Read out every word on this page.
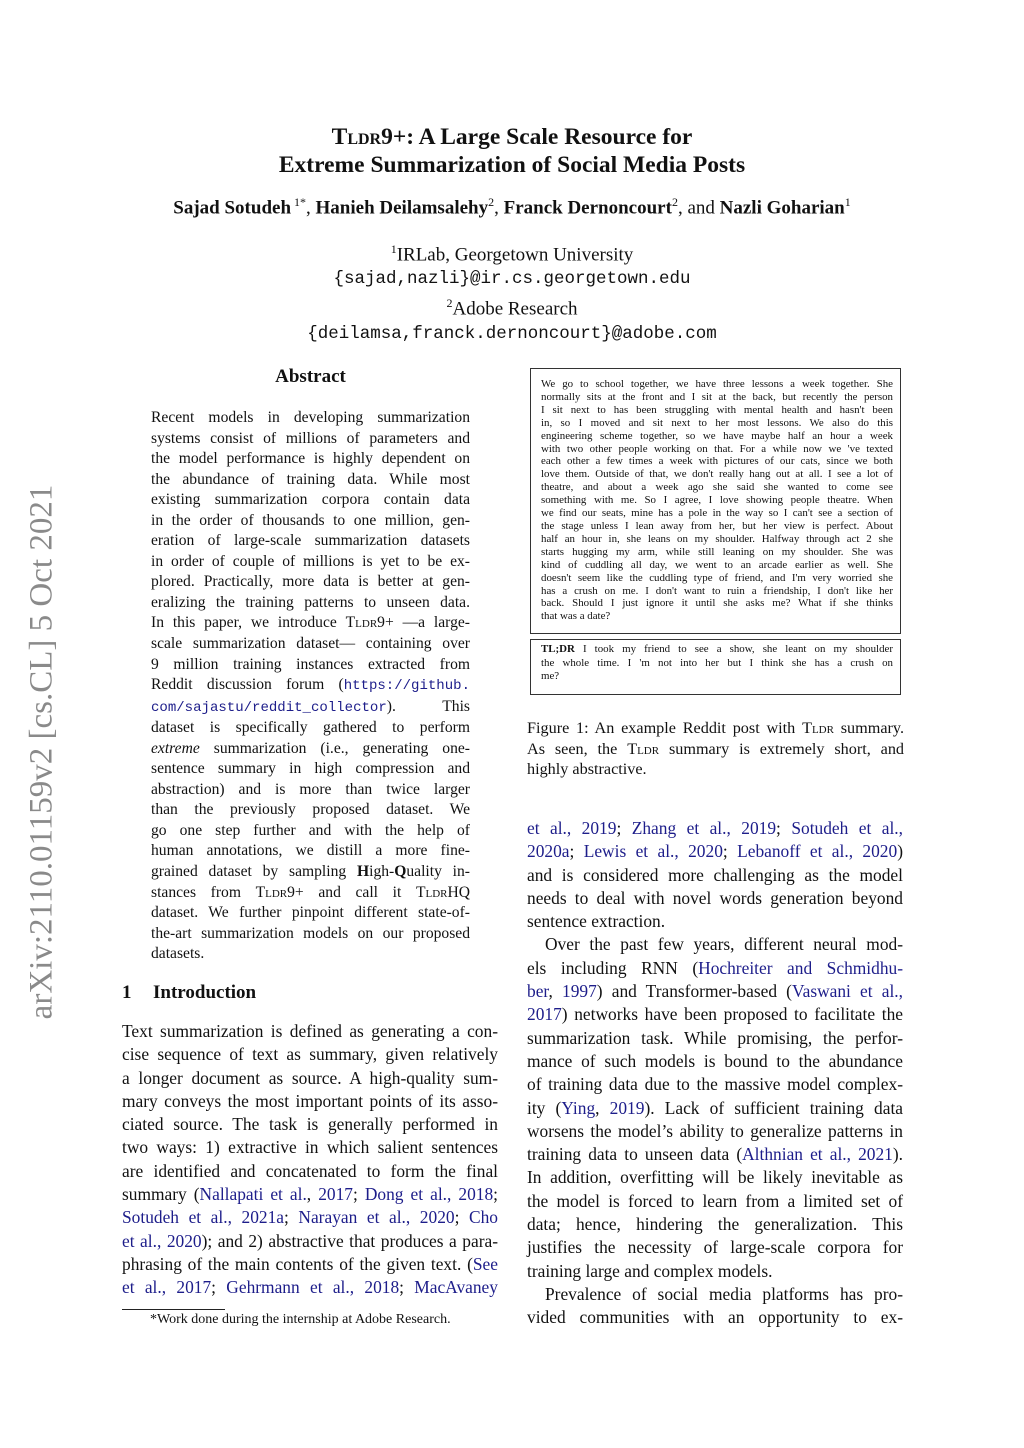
arXiv:2110.01159v2 [cs.CL] 5 Oct 2021
Tldr9+: A Large Scale Resource for
Extreme Summarization of Social Media Posts
Sajad Sotudeh $^{1*}$, Hanieh Deilamsalehy$^2$, Franck Dernoncourt$^2$, and Nazli Goharian$^1$
$^1$IRLab, Georgetown University
{sajad,nazli}@ir.cs.georgetown.edu
$^2$Adobe Research
{deilamsa,franck.dernoncourt}@adobe.com
Abstract
Recent models in developing summarization
systems consist of millions of parameters and
the model performance is highly dependent on
the abundance of training data. While most
existing summarization corpora contain data
in the order of thousands to one million, gen-
eration of large-scale summarization datasets
in order of couple of millions is yet to be ex-
plored. Practically, more data is better at gen-
eralizing the training patterns to unseen data.
In this paper, we introduce Tldr9+ —a large-
scale summarization dataset— containing over
9 million training instances extracted from
Reddit discussion forum (https://github.
com/sajastu/reddit_collector). This
dataset is specifically gathered to perform
extreme summarization (i.e., generating one-
sentence summary in high compression and
abstraction) and is more than twice larger
than the previously proposed dataset. We
go one step further and with the help of
human annotations, we distill a more fine-
grained dataset by sampling High-Quality in-
stances from Tldr9+ and call it TldrHQ
dataset. We further pinpoint different state-of-
the-art summarization models on our proposed
datasets.
1 Introduction
Text summarization is defined as generating a con-
cise sequence of text as summary, given relatively
a longer document as source. A high-quality sum-
mary conveys the most important points of its asso-
ciated source. The task is generally performed in
two ways: 1) extractive in which salient sentences
are identified and concatenated to form the final
summary (Nallapati et al., 2017; Dong et al., 2018;
Sotudeh et al., 2021a; Narayan et al., 2020; Cho
et al., 2020); and 2) abstractive that produces a para-
phrasing of the main contents of the given text. (See
et al., 2017; Gehrmann et al., 2018; MacAvaney
et al., 2019; Zhang et al., 2019; Sotudeh et al.,
2020a; Lewis et al., 2020; Lebanoff et al., 2020)
and is considered more challenging as the model
needs to deal with novel words generation beyond
sentence extraction.
Over the past few years, different neural mod-
els including RNN (Hochreiter and Schmidhu-
ber, 1997) and Transformer-based (Vaswani et al.,
2017) networks have been proposed to facilitate the
summarization task. While promising, the perfor-
mance of such models is bound to the abundance
of training data due to the massive model complex-
ity (Ying, 2019). Lack of sufficient training data
worsens the model’s ability to generalize patterns in
training data to unseen data (Althnian et al., 2021).
In addition, overfitting will be likely inevitable as
the model is forced to learn from a limited set of
data; hence, hindering the generalization. This
justifies the necessity of large-scale corpora for
training large and complex models.
Prevalence of social media platforms has pro-
vided communities with an opportunity to ex-
We go to school together, we have three lessons a week together. She
normally sits at the front and I sit at the back, but recently the person
I sit next to has been struggling with mental health and hasn't been
in, so I moved and sit next to her most lessons. We also do this
engineering scheme together, so we have maybe half an hour a week
with two other people working on that. For a while now we 've texted
each other a few times a week with pictures of our cats, since we both
love them. Outside of that, we don't really hang out at all. I see a lot of
theatre, and about a week ago she said she wanted to come see
something with me. So I agree, I love showing people theatre. When
we find our seats, mine has a pole in the way so I can't see a section of
the stage unless I lean away from her, but her view is perfect. About
half an hour in, she leans on my shoulder. Halfway through act 2 she
starts hugging my arm, while still leaning on my shoulder. She was
kind of cuddling all day, we went to an arcade earlier as well. She
doesn't seem like the cuddling type of friend, and I'm very worried she
has a crush on me. I don't want to ruin a friendship, I don't like her
back. Should I just ignore it until she asks me? What if she thinks
that was a date?
TL;DR I took my friend to see a show, she leant on my shoulder
the whole time. I 'm not into her but I think she has a crush on
me?
Figure 1: An example Reddit post with Tldr summary.
As seen, the Tldr summary is extremely short, and
highly abstractive.
*Work done during the internship at Adobe Research.
